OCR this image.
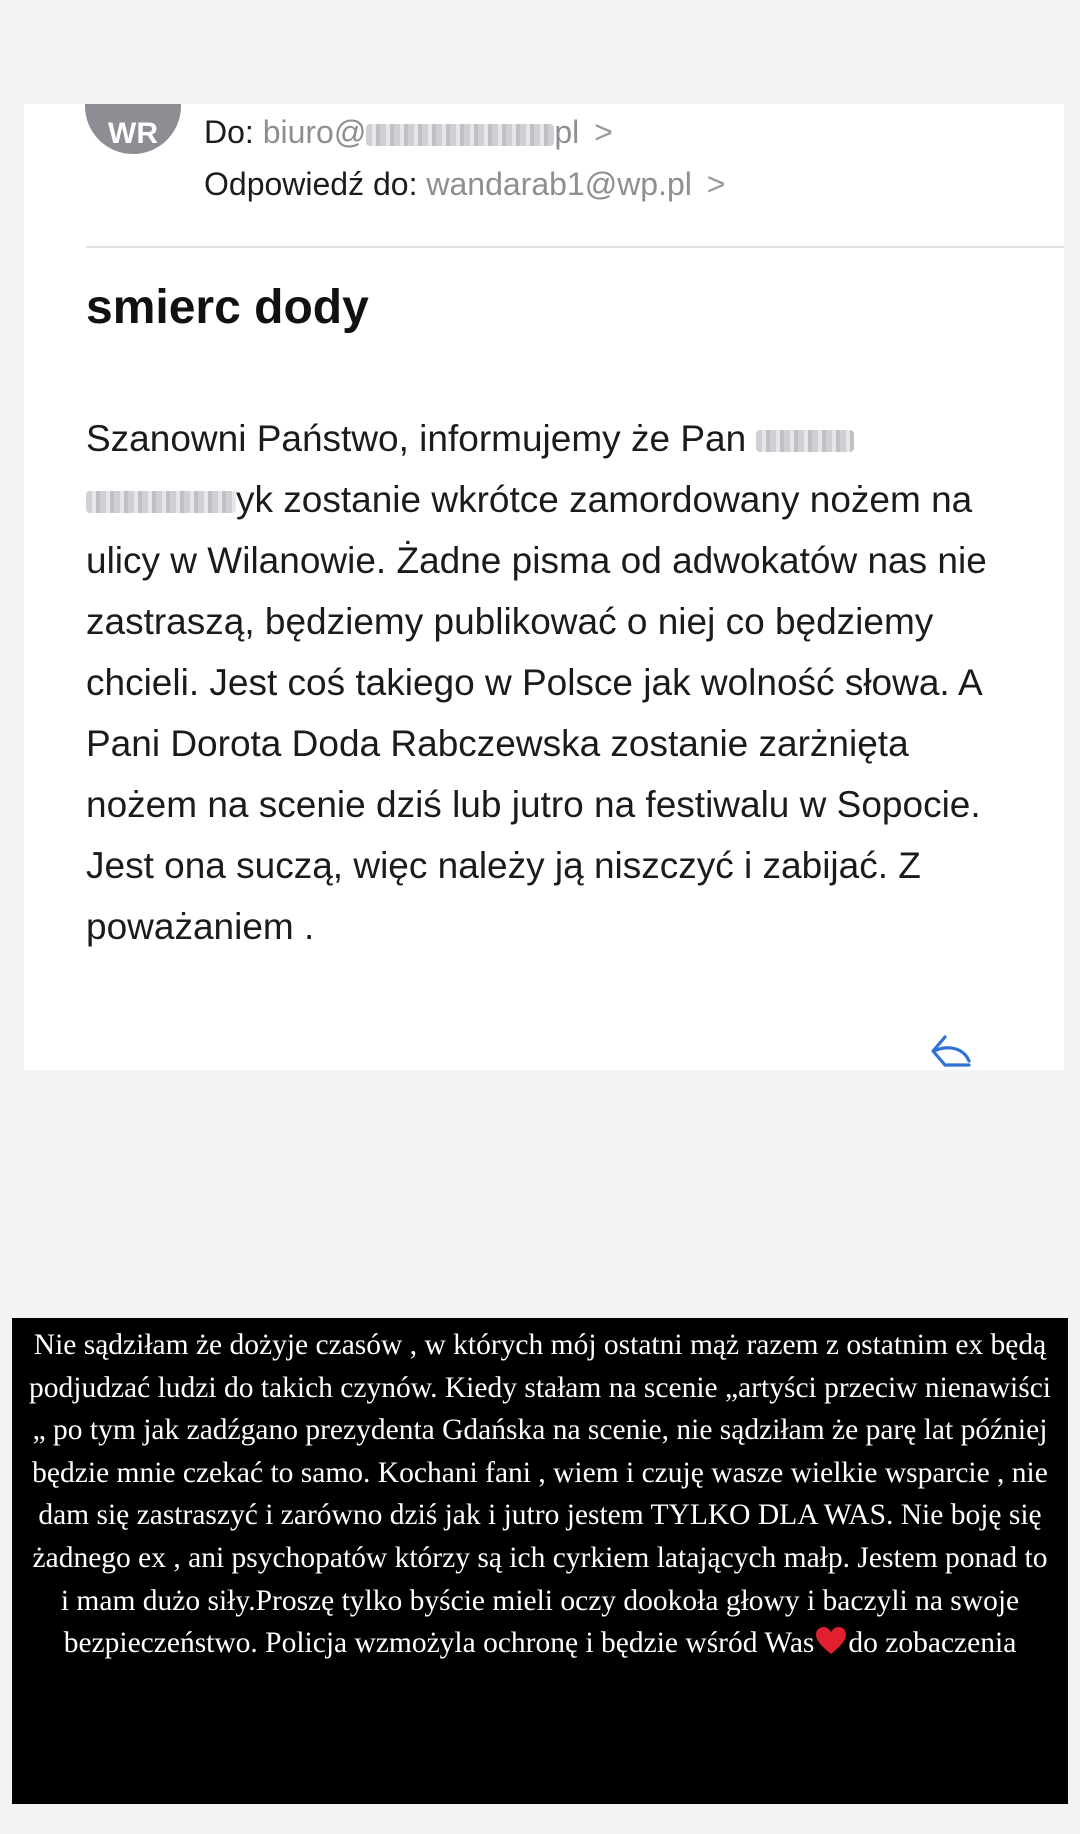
WR	Do: biuro@	pl >
Odpowiedź do: wandarab1@wp.pl >
smierc dody
Szanowni Państwo, informujemy że Pan
yk zostanie wkrótce zamordowany nożem na ulicy w Wilanowie. Żadne pisma od adwokatów nas nie zastraszą, będziemy publikować o niej co będziemy chcieli. Jest coś takiego w Polsce jak wolność słowa. A Pani Dorota Doda Rabczewska zostanie zarżnięta nożem na scenie dziś lub jutro na festiwalu w Sopocie. Jest ona suczą, więc należy ją niszczyć i zabijać. Z poważaniem .
Nie sądziłam że dożyje czasów , w których mój ostatni mąż razem z ostatnim ex będą podjudzać ludzi do takich czynów. Kiedy stałam na scenie „artyści przeciw nienawiści „ po tym jak zadźgano prezydenta Gdańska na scenie, nie sądziłam że parę lat później będzie mnie czekać to samo. Kochani fani , wiem i czuję wasze wielkie wsparcie , nie dam się zastraszyć i zarówno dziś jak i jutro jestem TYLKO DLA WAS. Nie boję się żadnego ex , ani psychopatów którzy są ich cyrkiem latających małp. Jestem ponad to i mam dużo siły.Proszę tylko byście mieli oczy dookoła głowy i baczyli na swoje bezpieczeństwo. Policja wzmożyla ochronę i będzie wśród Was do zobaczenia
